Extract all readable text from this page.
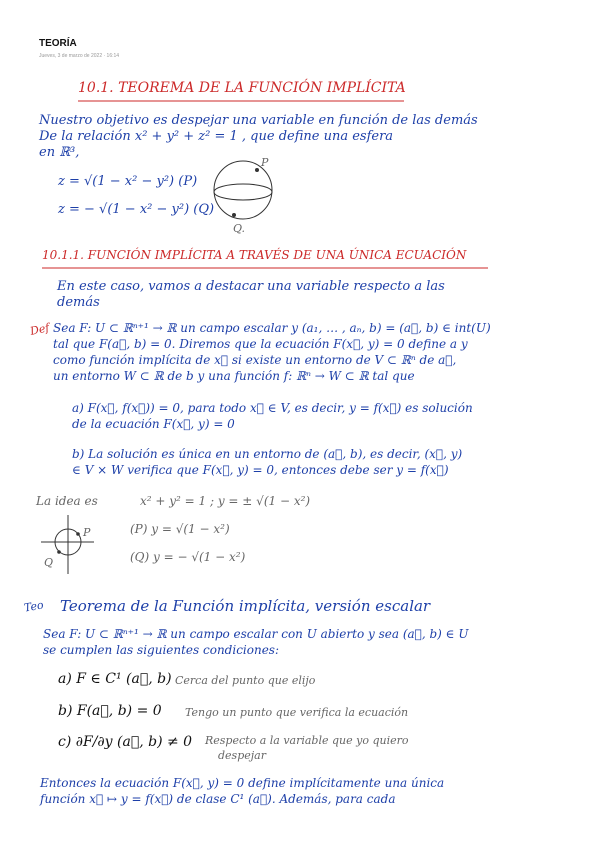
TEORÍA
Jueves, 3 de marzo de 2022 · 16:14
10.1. TEOREMA DE LA FUNCIÓN IMPLÍCITA
Nuestro objetivo es despejar una variable en función de las demás
De la relación x² + y² + z² = 1 , que define una esfera
en ℝ³,
z = √(1 − x² − y²) (P)
z = − √(1 − x² − y²) (Q)
P
Q.
10.1.1. FUNCIÓN IMPLÍCITA A TRAVÉS DE UNA ÚNICA ECUACIÓN
En este caso, vamos a destacar una variable respecto a las
demás
Def Sea F: U ⊂ ℝⁿ⁺¹ → ℝ un campo escalar y (a₁, … , aₙ, b) = (a⃗, b) ∈ int(U)
tal que F(a⃗, b) = 0. Diremos que la ecuación F(x⃗, y) = 0 define a y
como función implícita de x⃗ si existe un entorno de V ⊂ ℝⁿ de a⃗,
un entorno W ⊂ ℝ de b y una función f: ℝⁿ → W ⊂ ℝ tal que
a) F(x⃗, f(x⃗)) = 0, para todo x⃗ ∈ V, es decir, y = f(x⃗) es solución
de la ecuación F(x⃗, y) = 0
b) La solución es única en un entorno de (a⃗, b), es decir, (x⃗, y)
∈ V × W verifica que F(x⃗, y) = 0, entonces debe ser y = f(x⃗)
La idea es	x² + y² = 1 ; y = ± √(1 − x²)
(P) y = √(1 − x²)
(Q) y = − √(1 − x²)
P
Q
Teo Teorema de la Función implícita, versión escalar
Sea F: U ⊂ ℝⁿ⁺¹ → ℝ un campo escalar con U abierto y sea (a⃗, b) ∈ U
se cumplen las siguientes condiciones:
a) F ∈ C¹ (a⃗, b) Cerca del punto que elijo
b) F(a⃗, b) = 0 Tengo un punto que verifica la ecuación
c) ∂F/∂y (a⃗, b) ≠ 0 Respecto a la variable que yo quiero
despejar
Entonces la ecuación F(x⃗, y) = 0 define implícitamente una única
función x⃗ ↦ y = f(x⃗) de clase C¹ (a⃗). Además, para cada
